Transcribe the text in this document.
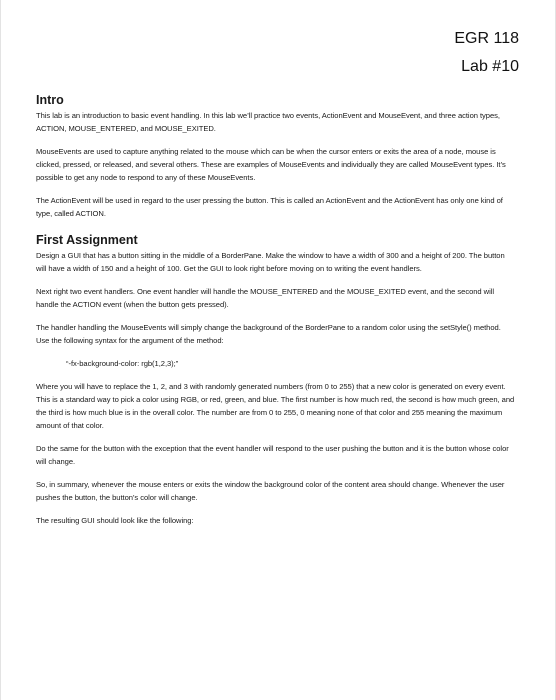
EGR 118
Lab #10
Intro

This lab is an introduction to basic event handling. In this lab we’ll practice two events, ActionEvent and MouseEvent, and three action types, ACTION, MOUSE_ENTERED, and MOUSE_EXITED.

MouseEvents are used to capture anything related to the mouse which can be when the cursor enters or exits the area of a node, mouse is clicked, pressed, or released, and several others. These are examples of MouseEvents and individually they are called MouseEvent types. It’s possible to get any node to respond to any of these MouseEvents.

The ActionEvent will be used in regard to the user pressing the button. This is called an ActionEvent and the ActionEvent has only one kind of type, called ACTION.

First Assignment

Design a GUI that has a button sitting in the middle of a BorderPane. Make the window to have a width of 300 and a height of 200. The button will have a width of 150 and a height of 100. Get the GUI to look right before moving on to writing the event handlers.

Next right two event handlers. One event handler will handle the MOUSE_ENTERED and the MOUSE_EXITED event, and the second will handle the ACTION event (when the button gets pressed).

The handler handling the MouseEvents will simply change the background of the BorderPane to a random color using the setStyle() method. Use the following syntax for the argument of the method:

“-fx-background-color: rgb(1,2,3);”

Where you will have to replace the 1, 2, and 3 with randomly generated numbers (from 0 to 255) that a new color is generated on every event. This is a standard way to pick a color using RGB, or red, green, and blue. The first number is how much red, the second is how much green, and the third is how much blue is in the overall color. The number are from 0 to 255, 0 meaning none of that color and 255 meaning the maximum amount of that color.

Do the same for the button with the exception that the event handler will respond to the user pushing the button and it is the button whose color will change.

So, in summary, whenever the mouse enters or exits the window the background color of the content area should change. Whenever the user pushes the button, the button’s color will change.

The resulting GUI should look like the following:
